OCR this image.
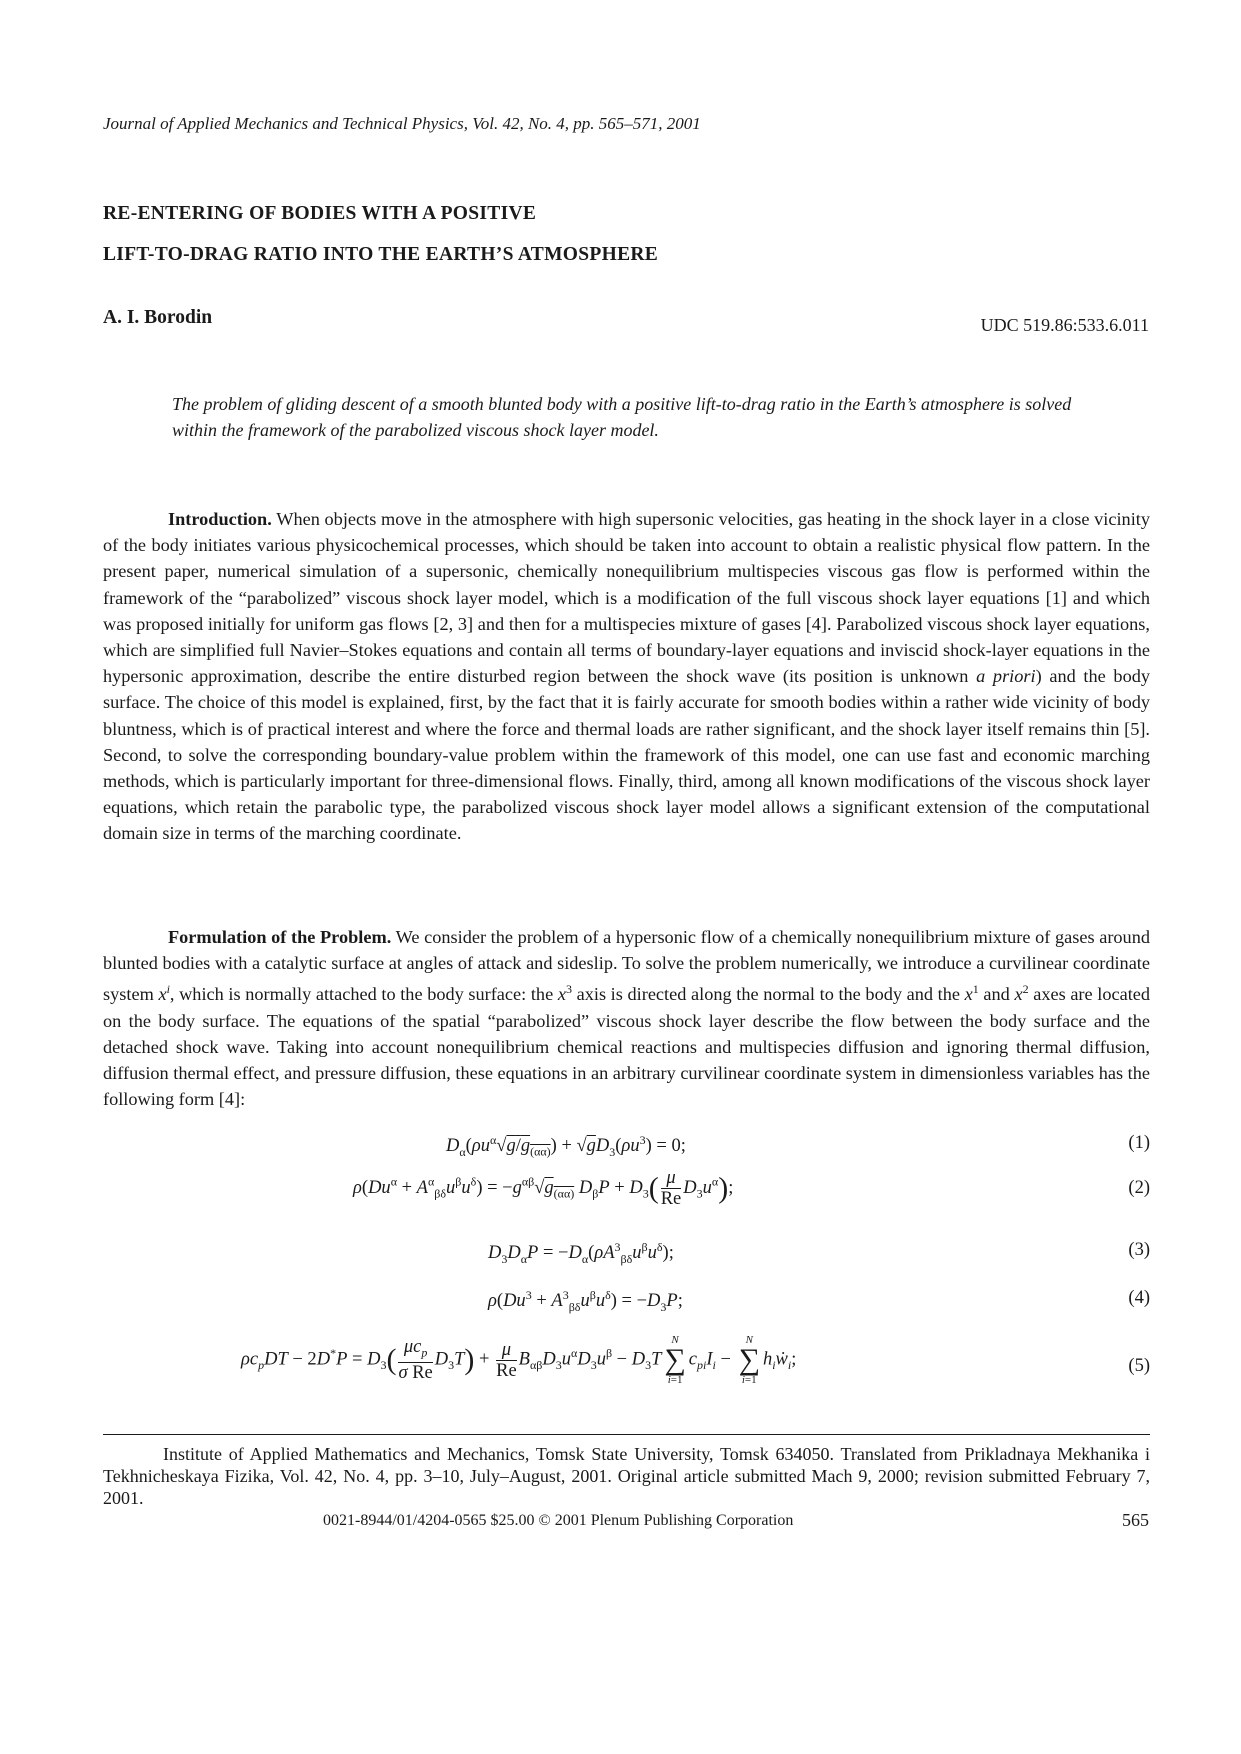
Journal of Applied Mechanics and Technical Physics, Vol. 42, No. 4, pp. 565–571, 2001
RE-ENTERING OF BODIES WITH A POSITIVE
LIFT-TO-DRAG RATIO INTO THE EARTH’S ATMOSPHERE
A. I. Borodin	UDC 519.86:533.6.011
The problem of gliding descent of a smooth blunted body with a positive lift-to-drag ratio in the Earth’s atmosphere is solved within the framework of the parabolized viscous shock layer model.

Introduction. When objects move in the atmosphere with high supersonic velocities, gas heating in the shock layer in a close vicinity of the body initiates various physicochemical processes, which should be taken into account to obtain a realistic physical flow pattern. In the present paper, numerical simulation of a supersonic, chemically nonequilibrium multispecies viscous gas flow is performed within the framework of the “parabolized” viscous shock layer model, which is a modification of the full viscous shock layer equations [1] and which was proposed initially for uniform gas flows [2, 3] and then for a multispecies mixture of gases [4]. Parabolized viscous shock layer equations, which are simplified full Navier–Stokes equations and contain all terms of boundary-layer equations and inviscid shock-layer equations in the hypersonic approximation, describe the entire disturbed region between the shock wave (its position is unknown a priori) and the body surface. The choice of this model is explained, first, by the fact that it is fairly accurate for smooth bodies within a rather wide vicinity of body bluntness, which is of practical interest and where the force and thermal loads are rather significant, and the shock layer itself remains thin [5]. Second, to solve the corresponding boundary-value problem within the framework of this model, one can use fast and economic marching methods, which is particularly important for three-dimensional flows. Finally, third, among all known modifications of the viscous shock layer equations, which retain the parabolic type, the parabolized viscous shock layer model allows a significant extension of the computational domain size in terms of the marching coordinate.

Formulation of the Problem. We consider the problem of a hypersonic flow of a chemically nonequilibrium mixture of gases around blunted bodies with a catalytic surface at angles of attack and sideslip. To solve the problem numerically, we introduce a curvilinear coordinate system $x^i$, which is normally attached to the body surface: the $x^3$ axis is directed along the normal to the body and the $x^1$ and $x^2$ axes are located on the body surface. The equations of the spatial “parabolized” viscous shock layer describe the flow between the body surface and the detached shock wave. Taking into account nonequilibrium chemical reactions and multispecies diffusion and ignoring thermal diffusion, diffusion thermal effect, and pressure diffusion, these equations in an arbitrary curvilinear coordinate system in dimensionless variables has the following form [4]:

$D_\alpha(\rho u^\alpha√g/g_{(\alpha\alpha)}) + √gD_3(\rho u^3) = 0$;	(1)
$\rho(Du^\alpha + A^\alpha_{\beta\delta}u^\beta u^\delta) = -g^{\alpha\beta}√g_{(\alpha\alpha)}$ $D_\beta P + D_3( \frac{\mu}{Re} D_3u^\alpha)$;	(2)
$D_3D_\alpha P = -D_\alpha(\rho A^3_{\beta\delta}u^\beta u^\delta)$;	(3)
$\rho(Du^3 + A^3_{\beta\delta}u^\beta u^\delta) = -D_3P$;	(4)
$\rho c_pDT - 2D^*P = D_3( \frac{\mu c_p}{\text{σ Re}} D_3T) + \frac{\mu}{Re} B_{\alpha\beta}D_3u^\alpha D_3u^\beta - D_3TN$
∑
$i=1c_{pi}I_i - N$
∑
$i=1h_iẇ_i$;	(5)

Institute of Applied Mathematics and Mechanics, Tomsk State University, Tomsk 634050. Translated from Prikladnaya Mekhanika i Tekhnicheskaya Fizika, Vol. 42, No. 4, pp. 3–10, July–August, 2001. Original article submitted Mach 9, 2000; revision submitted February 7, 2001.

0021-8944/01/4204-0565 $25.00 © 2001 Plenum Publishing Corporation	565
